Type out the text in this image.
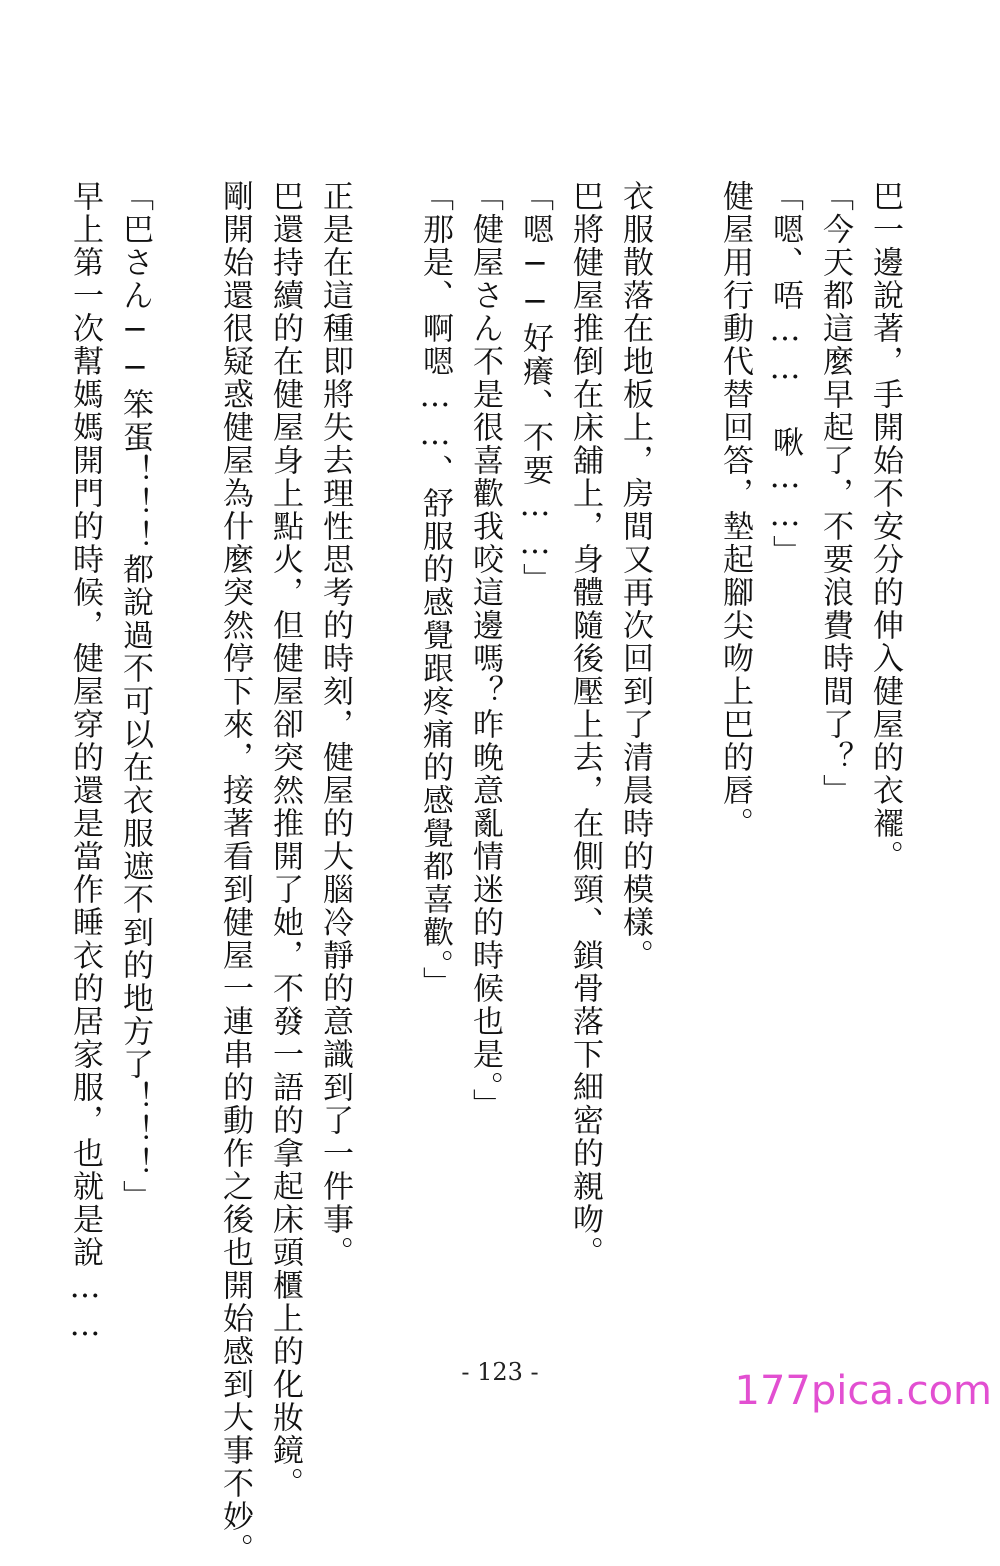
巴一邊說著，手開始不安分的伸入健屋的衣襬。
「今天都這麼早起了，不要浪費時間了？」
「嗯、唔…… 啾……」
健屋用行動代替回答，墊起腳尖吻上巴的唇。
衣服散落在地板上，房間又再次回到了清晨時的模樣。
巴將健屋推倒在床舖上，身體隨後壓上去，在側頸、鎖骨落下細密的親吻。
「嗯──好癢、不要……」
「健屋さん不是很喜歡我咬這邊嗎？昨晚意亂情迷的時候也是。」
「那是、啊嗯……、舒服的感覺跟疼痛的感覺都喜歡。」
正是在這種即將失去理性思考的時刻，健屋的大腦冷靜的意識到了一件事。
巴還持續的在健屋身上點火，但健屋卻突然推開了她，不發一語的拿起床頭櫃上的化妝鏡。
剛開始還很疑惑健屋為什麼突然停下來，接著看到健屋一連串的動作之後也開始感到大事不妙。
「巴さん──笨蛋！！！都說過不可以在衣服遮不到的地方了！！！」
早上第一次幫媽媽開門的時候，健屋穿的還是當作睡衣的居家服，也就是說……
- 123 -	177pica.com
